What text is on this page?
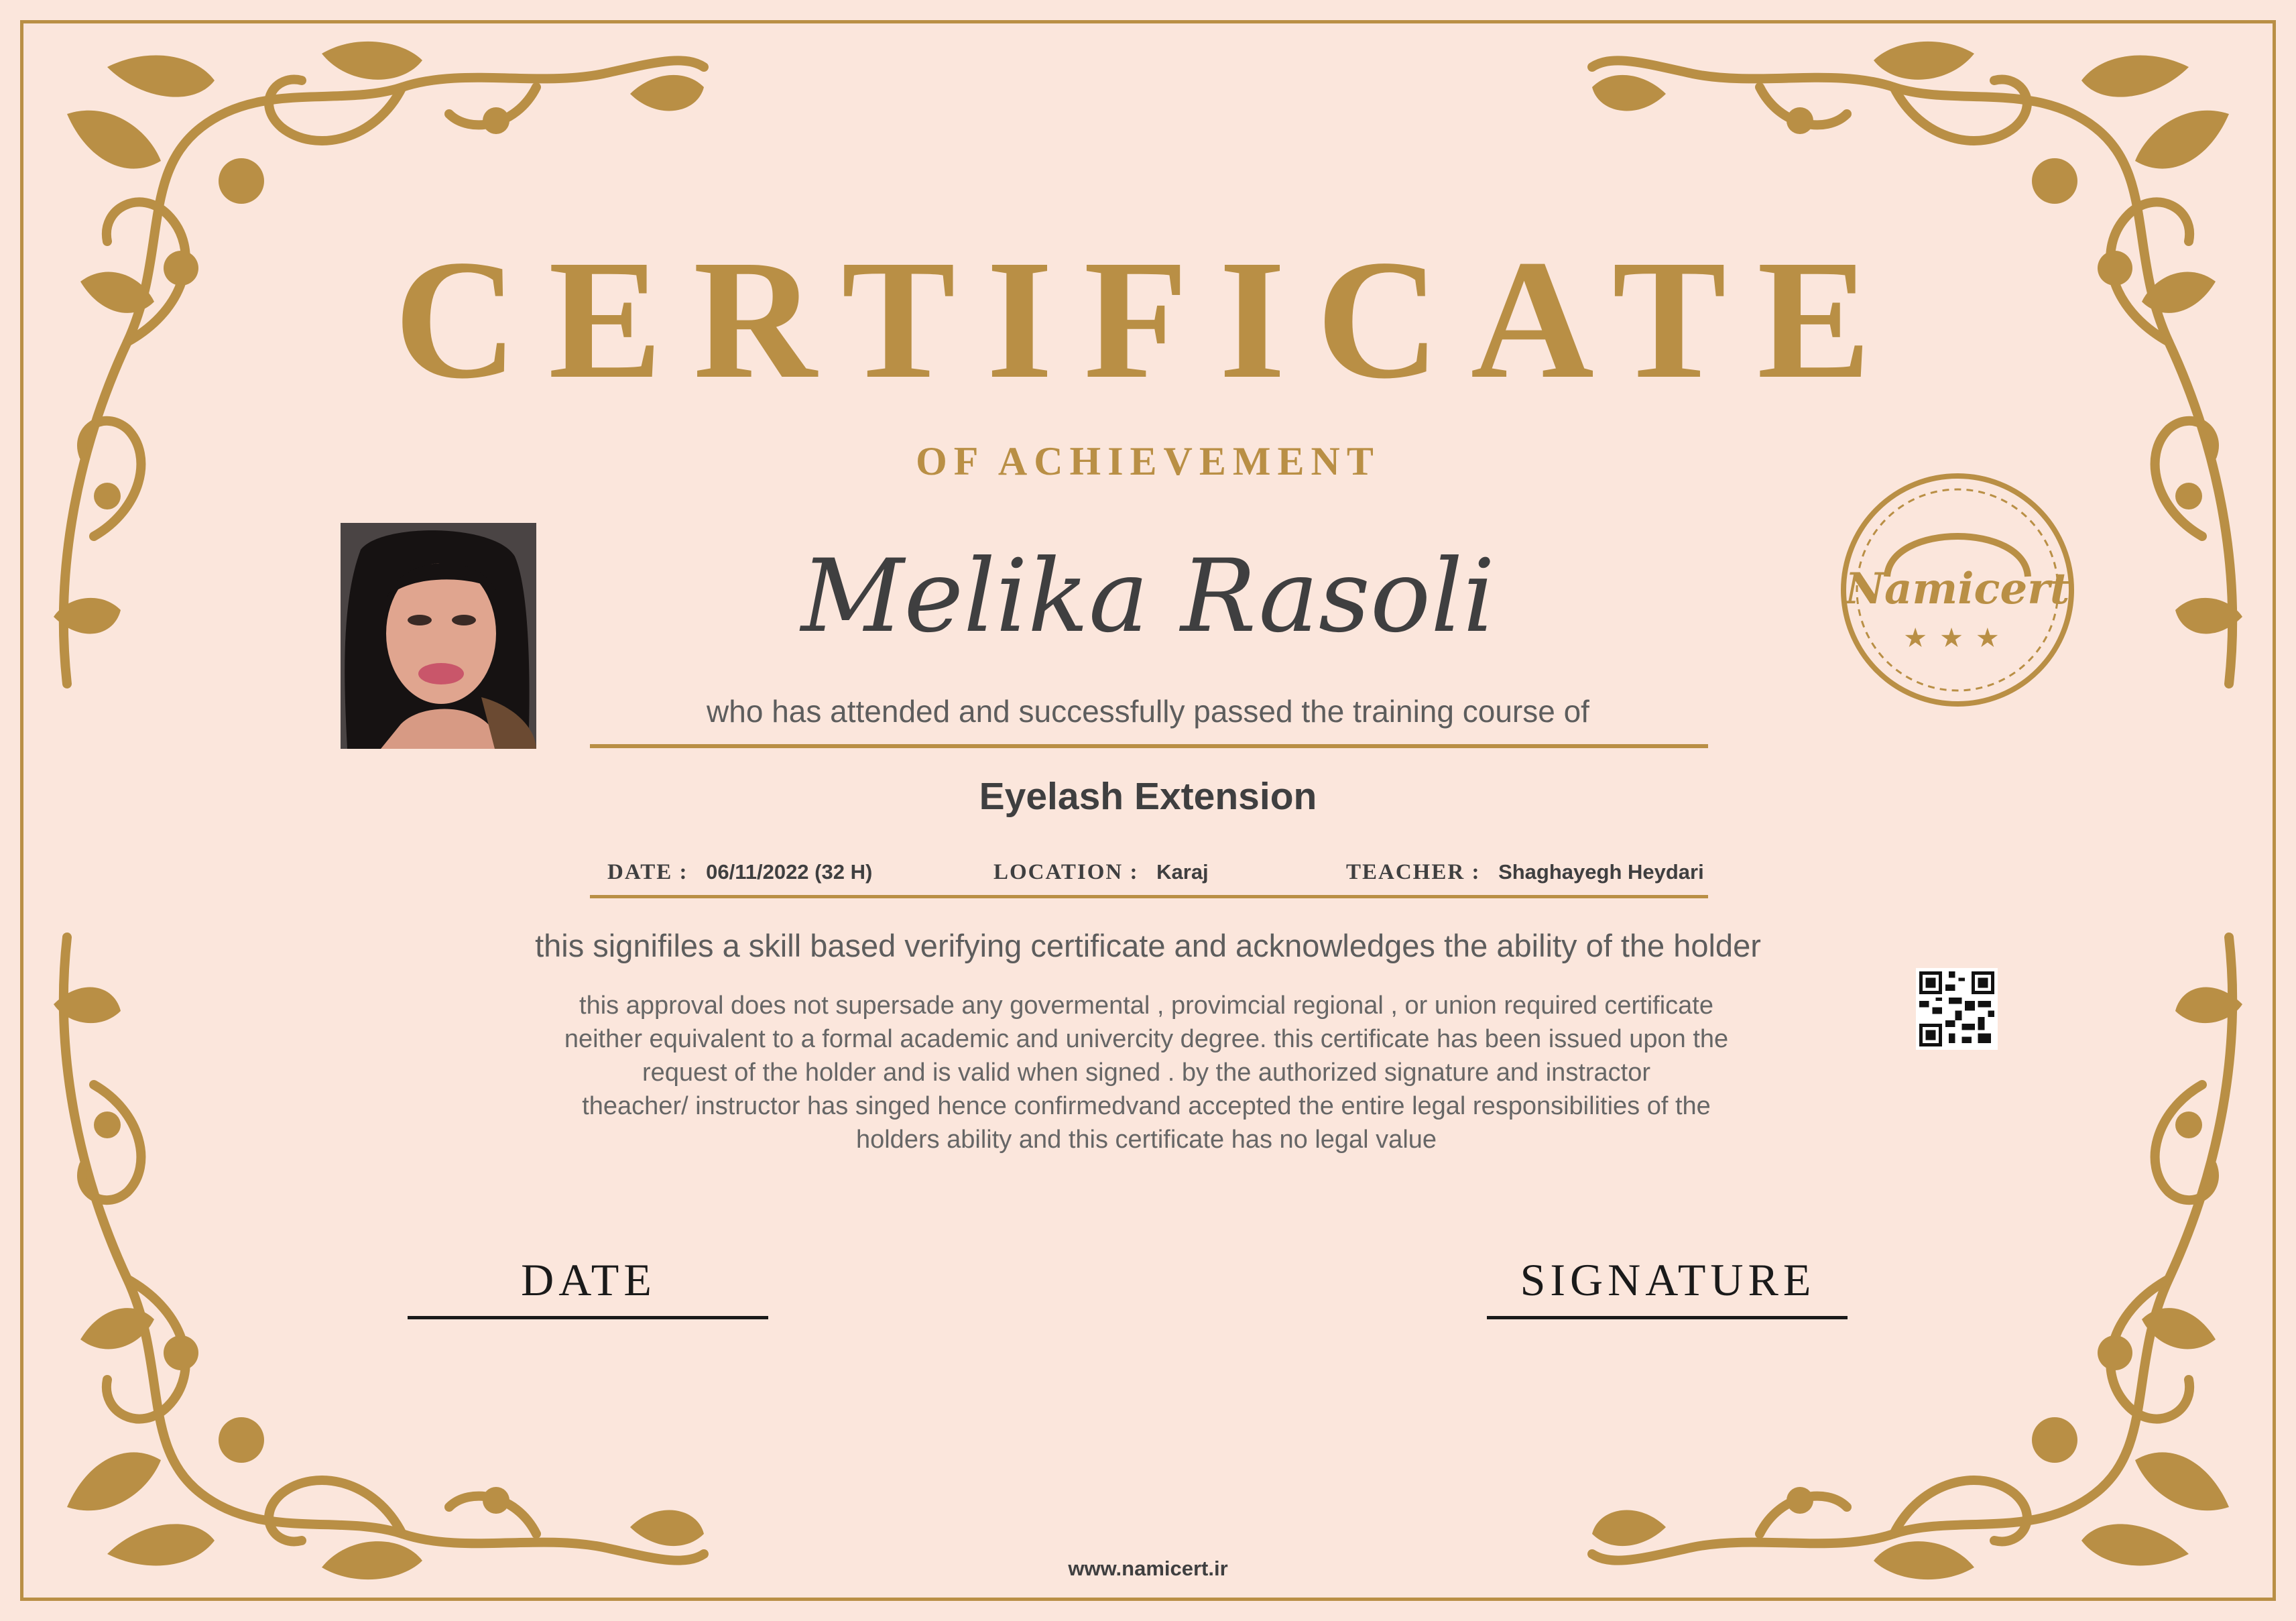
CERTIFICATE
OF ACHIEVEMENT
Melika Rasoli
who has attended and successfully passed the training course of
Eyelash Extension
DATE : 06/11/2022 (32 H)	LOCATION : Karaj	TEACHER : Shaghayegh Heydari
this signifiles a skill based verifying certificate and acknowledges the ability of the holder
this approval does not supersade any govermental , provimcial regional , or union required certificate
neither equivalent to a formal academic and univercity degree. this certificate has been issued upon the
request of the holder and is valid when signed . by the authorized signature and instractor
theacher/ instructor has singed hence confirmedvand accepted the entire legal responsibilities of the
holders ability and this certificate has no legal value
Namicert
★★★
DATE	SIGNATURE
www.namicert.ir
